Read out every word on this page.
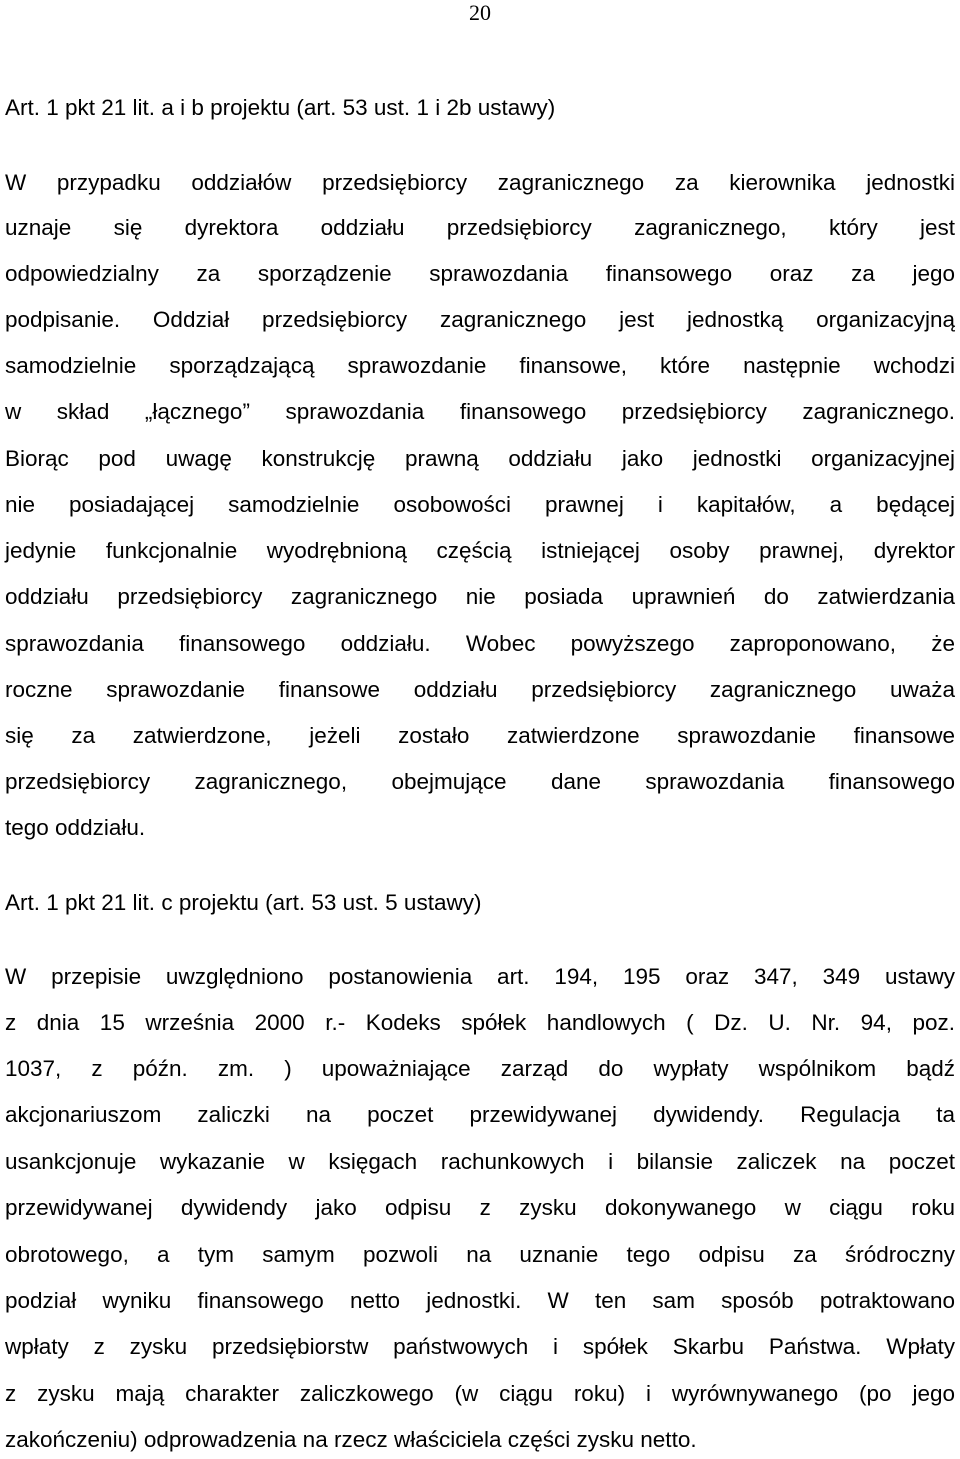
20
Art. 1 pkt 21 lit. a i b projektu (art. 53 ust. 1 i 2b ustawy)
W przypadku oddziałów przedsiębiorcy zagranicznego za kierownika jednostki
uznaje się dyrektora oddziału przedsiębiorcy zagranicznego, który jest
odpowiedzialny za sporządzenie sprawozdania finansowego oraz za jego
podpisanie. Oddział przedsiębiorcy zagranicznego jest jednostką organizacyjną
samodzielnie sporządzającą sprawozdanie finansowe, które następnie wchodzi
w skład „łącznego” sprawozdania finansowego przedsiębiorcy zagranicznego.
Biorąc pod uwagę konstrukcję prawną oddziału jako jednostki organizacyjnej
nie posiadającej samodzielnie osobowości prawnej i kapitałów, a będącej
jedynie funkcjonalnie wyodrębnioną częścią istniejącej osoby prawnej, dyrektor
oddziału przedsiębiorcy zagranicznego nie posiada uprawnień do zatwierdzania
sprawozdania finansowego oddziału. Wobec powyższego zaproponowano, że
roczne sprawozdanie finansowe oddziału przedsiębiorcy zagranicznego uważa
się za zatwierdzone, jeżeli zostało zatwierdzone sprawozdanie finansowe
przedsiębiorcy zagranicznego, obejmujące dane sprawozdania finansowego
tego oddziału.
Art. 1 pkt 21 lit. c projektu (art. 53 ust. 5 ustawy)
W przepisie uwzględniono postanowienia art. 194, 195 oraz 347, 349 ustawy
z dnia 15 września 2000 r.- Kodeks spółek handlowych ( Dz. U. Nr. 94, poz.
1037, z późn. zm. ) upoważniające zarząd do wypłaty wspólnikom bądź
akcjonariuszom zaliczki na poczet przewidywanej dywidendy. Regulacja ta
usankcjonuje wykazanie w księgach rachunkowych i bilansie zaliczek na poczet
przewidywanej dywidendy jako odpisu z zysku dokonywanego w ciągu roku
obrotowego, a tym samym pozwoli na uznanie tego odpisu za śródroczny
podział wyniku finansowego netto jednostki. W ten sam sposób potraktowano
wpłaty z zysku przedsiębiorstw państwowych i spółek Skarbu Państwa. Wpłaty
z zysku mają charakter zaliczkowego (w ciągu roku) i wyrównywanego (po jego
zakończeniu) odprowadzenia na rzecz właściciela części zysku netto.
